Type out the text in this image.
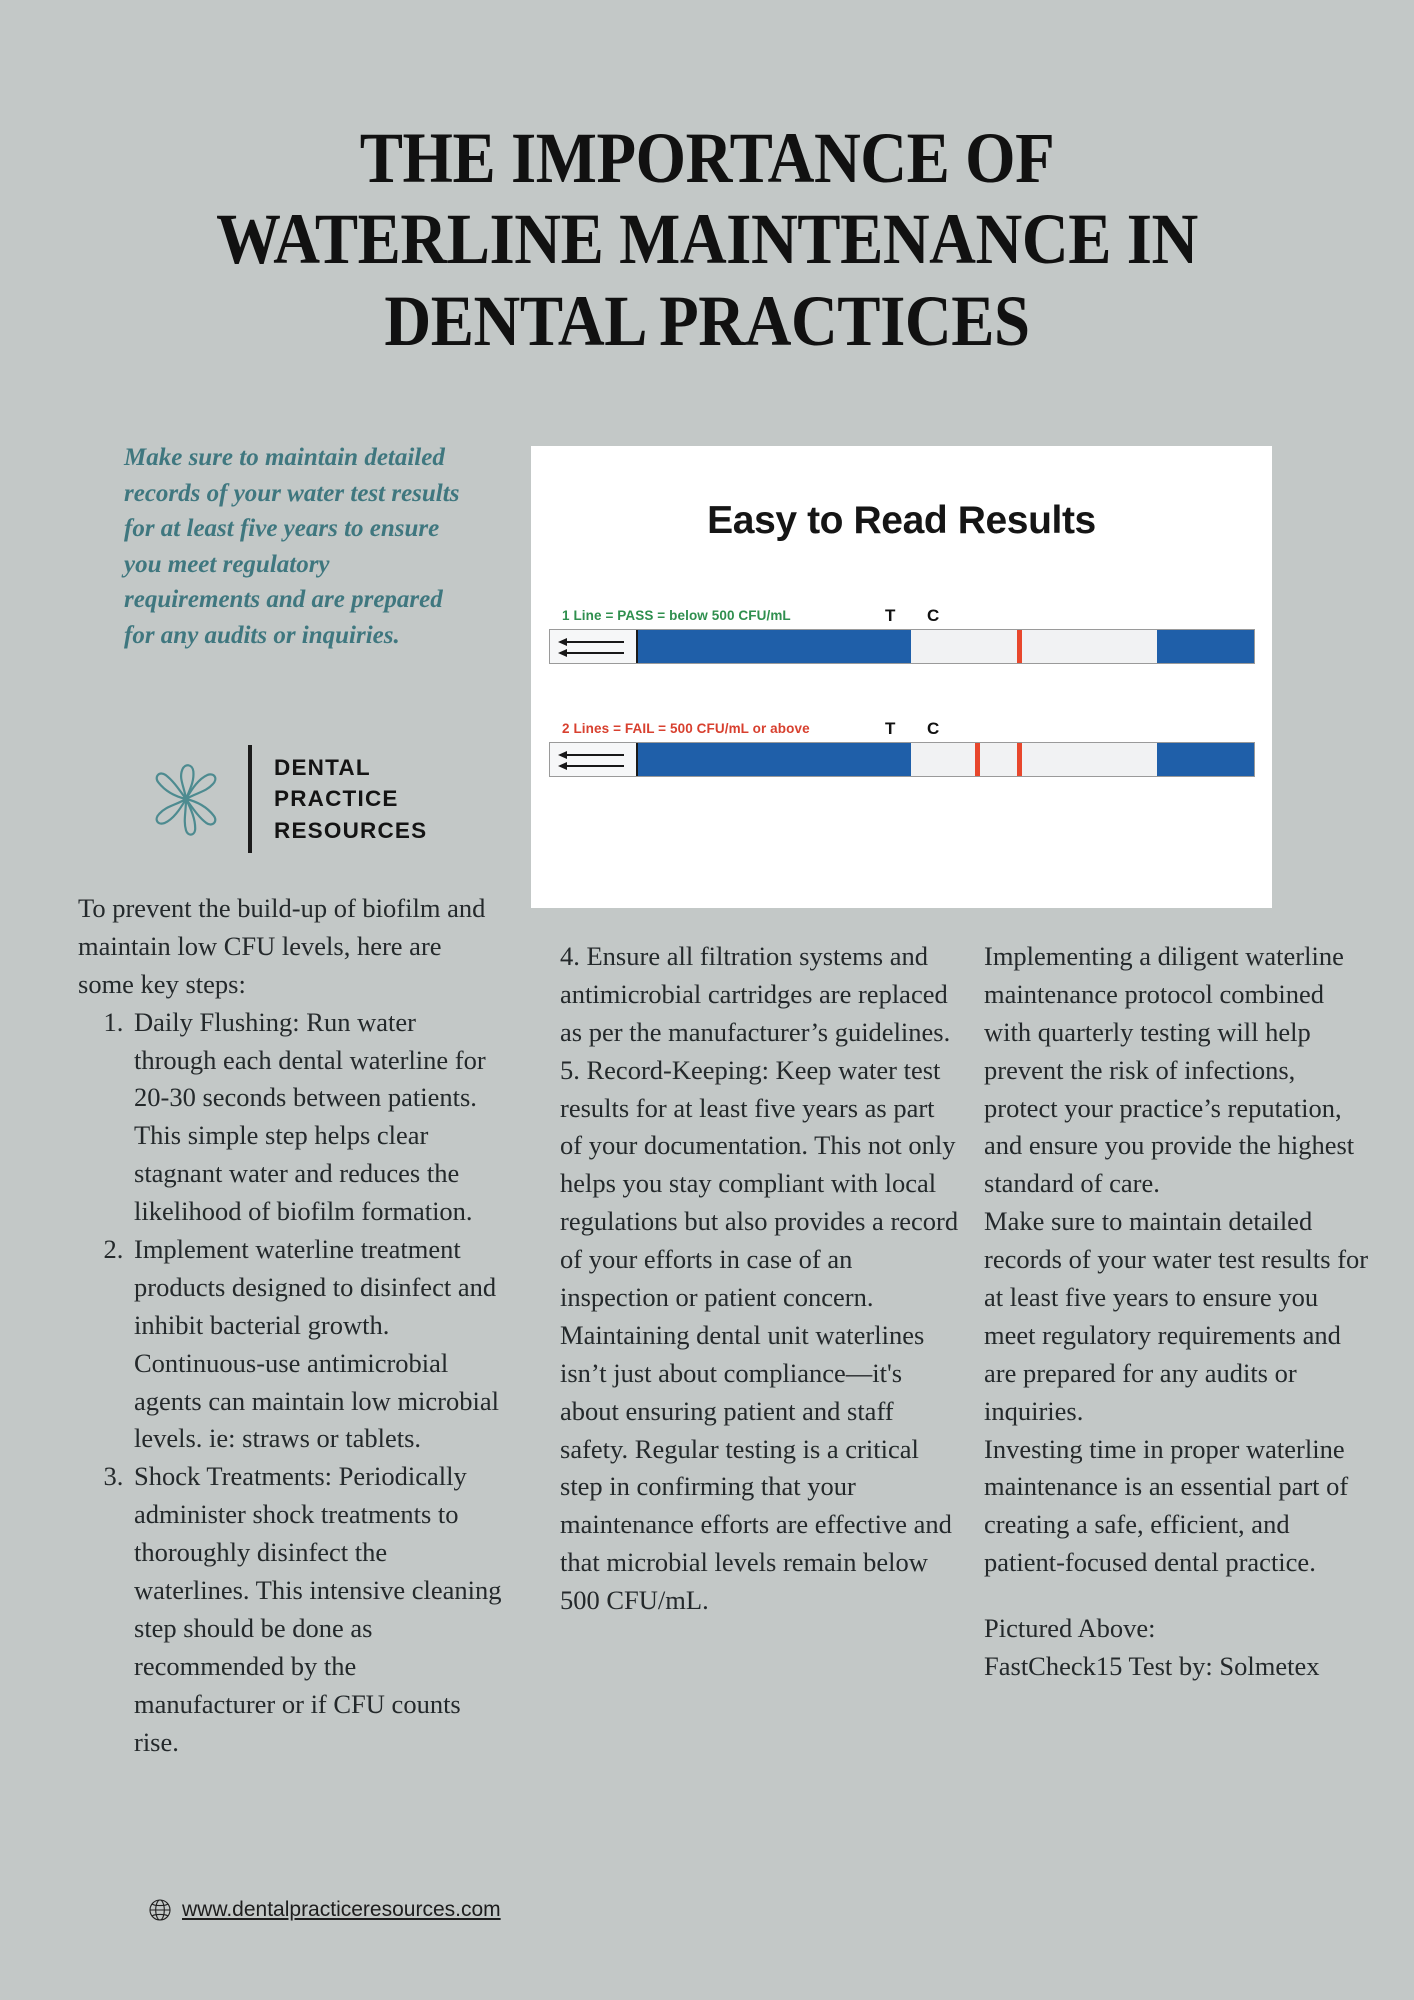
THE IMPORTANCE OF WATERLINE MAINTENANCE IN DENTAL PRACTICES
Make sure to maintain detailed records of your water test results for at least five years to ensure you meet regulatory requirements and are prepared for any audits or inquiries.
DENTAL
PRACTICE
RESOURCES
Easy to Read Results
1 Line = PASS = below 500 CFU/mL	T C
2 Lines = FAIL = 500 CFU/mL or above	T C

To prevent the build-up of biofilm and maintain low CFU levels, here are some key steps:

1. Daily Flushing: Run water through each dental waterline for 20-30 seconds between patients. This simple step helps clear stagnant water and reduces the likelihood of biofilm formation.
2. Implement waterline treatment products designed to disinfect and inhibit bacterial growth. Continuous-use antimicrobial agents can maintain low microbial levels. ie: straws or tablets.
3. Shock Treatments: Periodically administer shock treatments to thoroughly disinfect the waterlines. This intensive cleaning step should be done as recommended by the manufacturer or if CFU counts rise.

4. Ensure all filtration systems and antimicrobial cartridges are replaced as per the manufacturer’s guidelines.

5. Record-Keeping: Keep water test results for at least five years as part of your documentation. This not only helps you stay compliant with local regulations but also provides a record of your efforts in case of an inspection or patient concern.

Maintaining dental unit waterlines isn’t just about compliance—it's about ensuring patient and staff safety. Regular testing is a critical step in confirming that your maintenance efforts are effective and that microbial levels remain below 500 CFU/mL.

Implementing a diligent waterline maintenance protocol combined with quarterly testing will help prevent the risk of infections, protect your practice’s reputation, and ensure you provide the highest standard of care.

Make sure to maintain detailed records of your water test results for at least five years to ensure you meet regulatory requirements and are prepared for any audits or inquiries.

Investing time in proper waterline maintenance is an essential part of creating a safe, efficient, and patient-focused dental practice.

Pictured Above:

FastCheck15 Test by: Solmetex

www.dentalpracticeresources.com
